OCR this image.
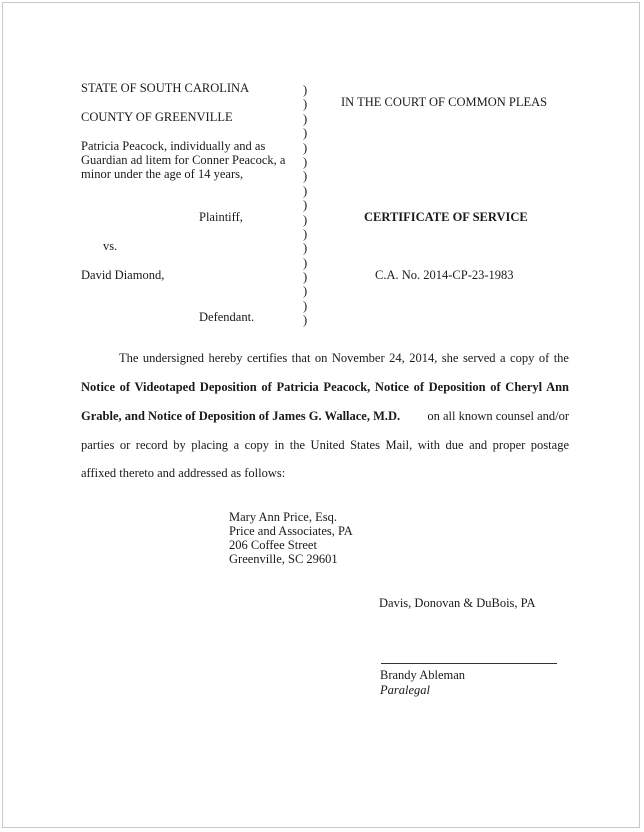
STATE OF SOUTH CAROLINA
COUNTY OF GREENVILLE
Patricia Peacock, individually and as
Guardian ad litem for Conner Peacock, a
minor under the age of 14 years,
Plaintiff,
vs.
David Diamond,
Defendant.
)
)
)
)
)
)
)
)
)
)
)
)
)
)
)
)
)
IN THE COURT OF COMMON PLEAS
CERTIFICATE OF SERVICE
C.A. No. 2014-CP-23-1983
The undersigned hereby certifies that on November 24, 2014, she served a copy of the
Notice of Videotaped Deposition of Patricia Peacock, Notice of Deposition of Cheryl Ann
Grable, and Notice of Deposition of James G. Wallace, M.D. on all known counsel and/or
parties or record by placing a copy in the United States Mail, with due and proper postage
affixed thereto and addressed as follows:
Mary Ann Price, Esq.
Price and Associates, PA
206 Coffee Street
Greenville, SC 29601
Davis, Donovan & DuBois, PA
Brandy Ableman
Paralegal
